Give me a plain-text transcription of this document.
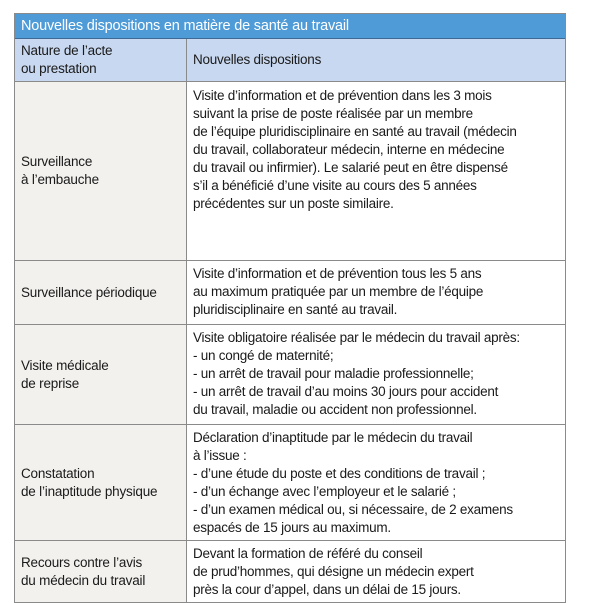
Nouvelles dispositions en matière de santé au travail
Nature de l’acte
ou prestation
Nouvelles dispositions
Surveillance
à l’embauche
Visite d’information et de prévention dans les 3 mois
suivant la prise de poste réalisée par un membre
de l’équipe pluridisciplinaire en santé au travail (médecin
du travail, collaborateur médecin, interne en médecine
du travail ou infirmier). Le salarié peut en être dispensé
s’il a bénéficié d’une visite au cours des 5 années
précédentes sur un poste similaire.
Surveillance périodique
Visite d’information et de prévention tous les 5 ans
au maximum pratiquée par un membre de l’équipe
pluridisciplinaire en santé au travail.
Visite médicale
de reprise
Visite obligatoire réalisée par le médecin du travail après:
- un congé de maternité;
- un arrêt de travail pour maladie professionnelle;
- un arrêt de travail d’au moins 30 jours pour accident
du travail, maladie ou accident non professionnel.
Constatation
de l’inaptitude physique
Déclaration d’inaptitude par le médecin du travail
à l’issue :
- d’une étude du poste et des conditions de travail ;
- d’un échange avec l’employeur et le salarié ;
- d’un examen médical ou, si nécessaire, de 2 examens
espacés de 15 jours au maximum.
Recours contre l’avis
du médecin du travail
Devant la formation de référé du conseil
de prud’hommes, qui désigne un médecin expert
près la cour d’appel, dans un délai de 15 jours.
